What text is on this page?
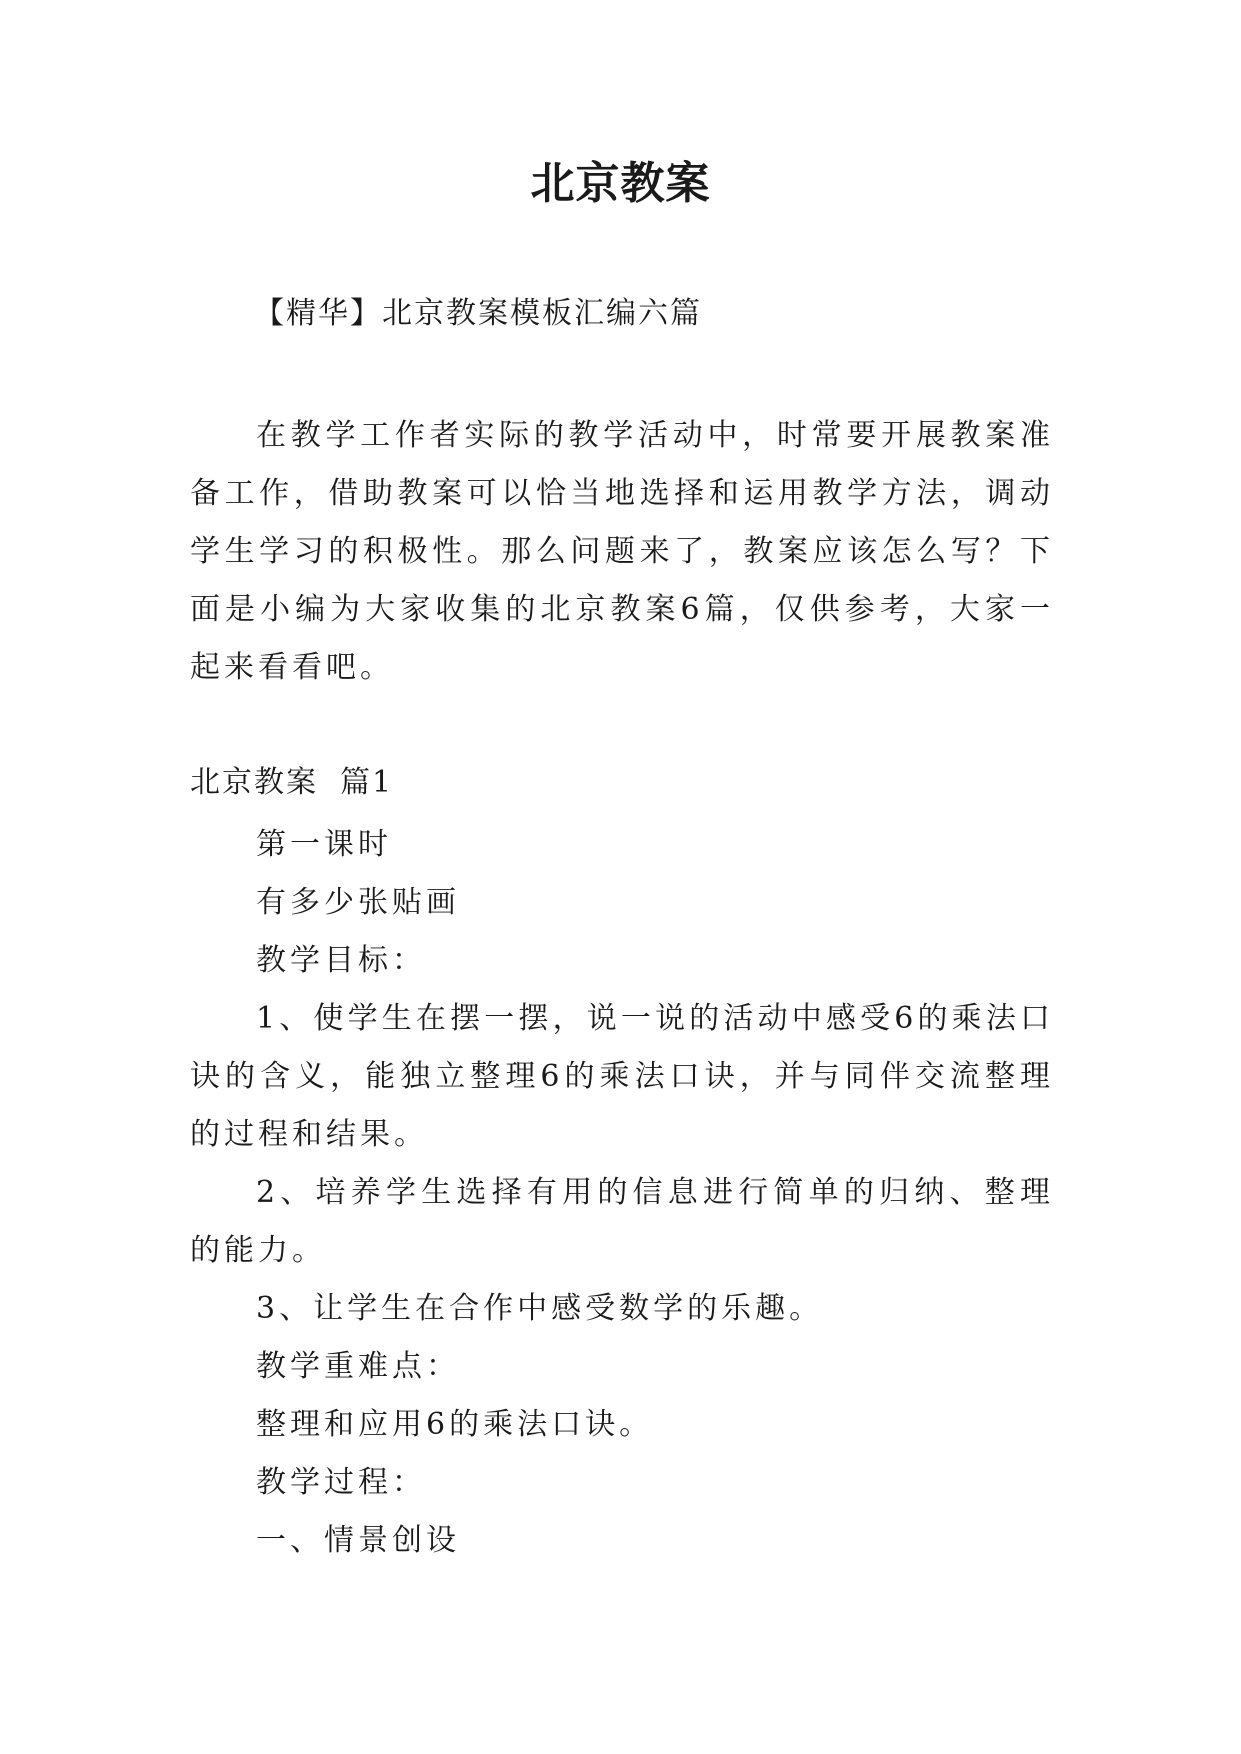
北京教案
【精华】北京教案模板汇编六篇

在教学工作者实际的教学活动中，时常要开展教案准备工作，借助教案可以恰当地选择和运用教学方法，调动学生学习的积极性。那么问题来了，教案应该怎么写？下面是小编为大家收集的北京教案6篇，仅供参考，大家一起来看看吧。

北京教案 篇1

第一课时

有多少张贴画

教学目标：

1、使学生在摆一摆，说一说的活动中感受6的乘法口诀的含义，能独立整理6的乘法口诀，并与同伴交流整理的过程和结果。

2、培养学生选择有用的信息进行简单的归纳、整理的能力。

3、让学生在合作中感受数学的乐趣。

教学重难点：

整理和应用6的乘法口诀。

教学过程：

一、情景创设
